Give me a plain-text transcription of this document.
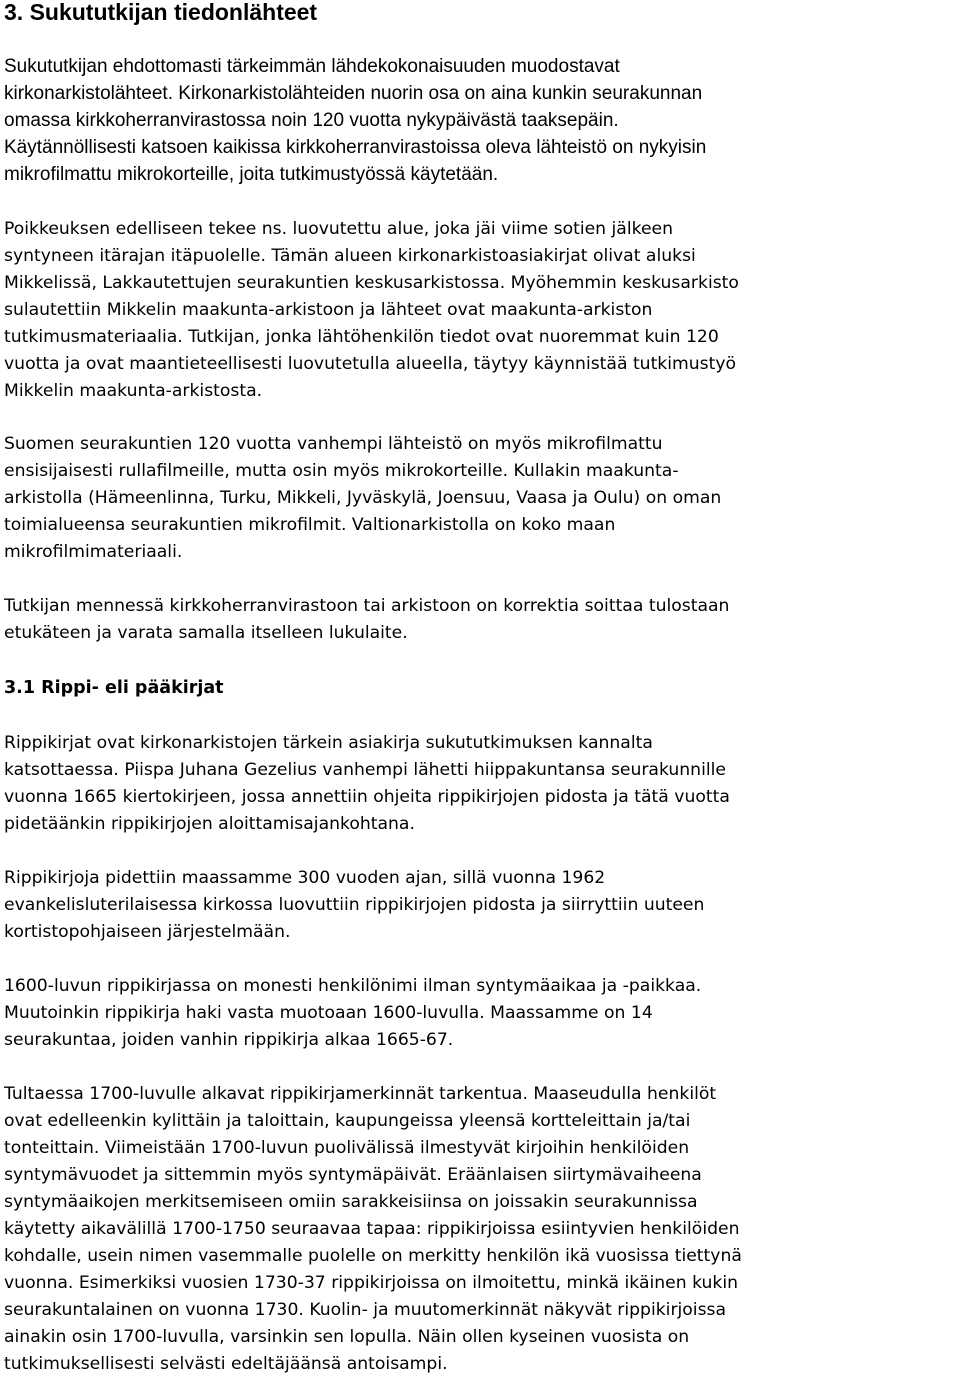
3. Sukututkijan tiedonlähteet
Sukututkijan ehdottomasti tärkeimmän lähdekokonaisuuden muodostavat
kirkonarkistolähteet. Kirkonarkistolähteiden nuorin osa on aina kunkin seurakunnan
omassa kirkkoherranvirastossa noin 120 vuotta nykypäivästä taaksepäin.
Käytännöllisesti katsoen kaikissa kirkkoherranvirastoissa oleva lähteistö on nykyisin
mikrofilmattu mikrokorteille, joita tutkimustyössä käytetään.
Poikkeuksen edelliseen tekee ns. luovutettu alue, joka jäi viime sotien jälkeen
syntyneen itärajan itäpuolelle. Tämän alueen kirkonarkistoasiakirjat olivat aluksi
Mikkelissä, Lakkautettujen seurakuntien keskusarkistossa. Myöhemmin keskusarkisto
sulautettiin Mikkelin maakunta-arkistoon ja lähteet ovat maakunta-arkiston
tutkimusmateriaalia. Tutkijan, jonka lähtöhenkilön tiedot ovat nuoremmat kuin 120
vuotta ja ovat maantieteellisesti luovutetulla alueella, täytyy käynnistää tutkimustyö
Mikkelin maakunta-arkistosta.
Suomen seurakuntien 120 vuotta vanhempi lähteistö on myös mikrofilmattu
ensisijaisesti rullafilmeille, mutta osin myös mikrokorteille. Kullakin maakunta-
arkistolla (Hämeenlinna, Turku, Mikkeli, Jyväskylä, Joensuu, Vaasa ja Oulu) on oman
toimialueensa seurakuntien mikrofilmit. Valtionarkistolla on koko maan
mikrofilmimateriaali.
Tutkijan mennessä kirkkoherranvirastoon tai arkistoon on korrektia soittaa tulostaan
etukäteen ja varata samalla itselleen lukulaite.
3.1 Rippi- eli pääkirjat
Rippikirjat ovat kirkonarkistojen tärkein asiakirja sukututkimuksen kannalta
katsottaessa. Piispa Juhana Gezelius vanhempi lähetti hiippakuntansa seurakunnille
vuonna 1665 kiertokirjeen, jossa annettiin ohjeita rippikirjojen pidosta ja tätä vuotta
pidetäänkin rippikirjojen aloittamisajankohtana.
Rippikirjoja pidettiin maassamme 300 vuoden ajan, sillä vuonna 1962
evankelisluterilaisessa kirkossa luovuttiin rippikirjojen pidosta ja siirryttiin uuteen
kortistopohjaiseen järjestelmään.
1600-luvun rippikirjassa on monesti henkilönimi ilman syntymäaikaa ja -paikkaa.
Muutoinkin rippikirja haki vasta muotoaan 1600-luvulla. Maassamme on 14
seurakuntaa, joiden vanhin rippikirja alkaa 1665-67.
Tultaessa 1700-luvulle alkavat rippikirjamerkinnät tarkentua. Maaseudulla henkilöt
ovat edelleenkin kylittäin ja taloittain, kaupungeissa yleensä kortteleittain ja/tai
tonteittain. Viimeistään 1700-luvun puolivälissä ilmestyvät kirjoihin henkilöiden
syntymävuodet ja sittemmin myös syntymäpäivät. Eräänlaisen siirtymävaiheena
syntymäaikojen merkitsemiseen omiin sarakkeisiinsa on joissakin seurakunnissa
käytetty aikavälillä 1700-1750 seuraavaa tapaa: rippikirjoissa esiintyvien henkilöiden
kohdalle, usein nimen vasemmalle puolelle on merkitty henkilön ikä vuosissa tiettynä
vuonna. Esimerkiksi vuosien 1730-37 rippikirjoissa on ilmoitettu, minkä ikäinen kukin
seurakuntalainen on vuonna 1730. Kuolin- ja muutomerkinnät näkyvät rippikirjoissa
ainakin osin 1700-luvulla, varsinkin sen lopulla. Näin ollen kyseinen vuosista on
tutkimuksellisesti selvästi edeltäjäänsä antoisampi.
